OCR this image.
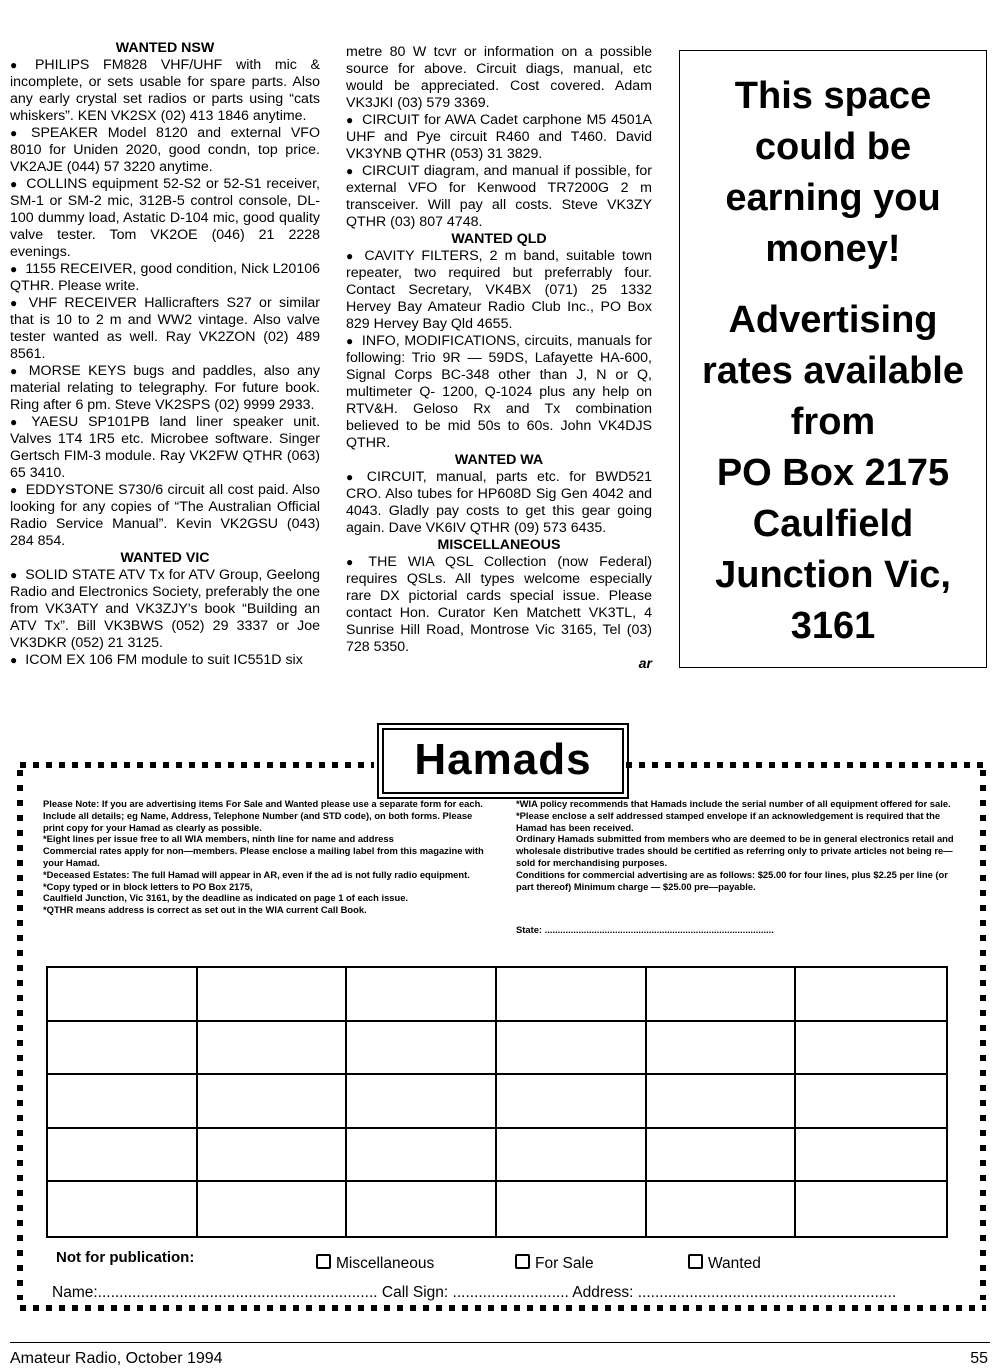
WANTED NSW

● PHILIPS FM828 VHF/UHF with mic & incomplete, or sets usable for spare parts. Also any early crystal set radios or parts using “cats whiskers”. KEN VK2SX (02) 413 1846 anytime.

● SPEAKER Model 8120 and external VFO 8010 for Uniden 2020, good condn, top price. VK2AJE (044) 57 3220 anytime.

● COLLINS equipment 52-S2 or 52-S1 receiver, SM-1 or SM-2 mic, 312B-5 control console, DL-100 dummy load, Astatic D-104 mic, good quality valve tester. Tom VK2OE (046) 21 2228 evenings.

● 1155 RECEIVER, good condition, Nick L20106 QTHR. Please write.

● VHF RECEIVER Hallicrafters S27 or similar that is 10 to 2 m and WW2 vintage. Also valve tester wanted as well. Ray VK2ZON (02) 489 8561.

● MORSE KEYS bugs and paddles, also any material relating to telegraphy. For future book. Ring after 6 pm. Steve VK2SPS (02) 9999 2933.

● YAESU SP101PB land liner speaker unit. Valves 1T4 1R5 etc. Microbee software. Singer Gertsch FIM-3 module. Ray VK2FW QTHR (063) 65 3410.

● EDDYSTONE S730/6 circuit all cost paid. Also looking for any copies of “The Australian Official Radio Service Manual”. Kevin VK2GSU (043) 284 854.

WANTED VIC

● SOLID STATE ATV Tx for ATV Group, Geelong Radio and Electronics Society, preferably the one from VK3ATY and VK3ZJY's book “Building an ATV Tx”. Bill VK3BWS (052) 29 3337 or Joe VK3DKR (052) 21 3125.

● ICOM EX 106 FM module to suit IC551D six

metre 80 W tcvr or information on a possible source for above. Circuit diags, manual, etc would be appreciated. Cost covered. Adam VK3JKI (03) 579 3369.

● CIRCUIT for AWA Cadet carphone M5 4501A UHF and Pye circuit R460 and T460. David VK3YNB QTHR (053) 31 3829.

● CIRCUIT diagram, and manual if possible, for external VFO for Kenwood TR7200G 2 m transceiver. Will pay all costs. Steve VK3ZY QTHR (03) 807 4748.

WANTED QLD

● CAVITY FILTERS, 2 m band, suitable town repeater, two required but preferrably four. Contact Secretary, VK4BX (071) 25 1332 Hervey Bay Amateur Radio Club Inc., PO Box 829 Hervey Bay Qld 4655.

● INFO, MODIFICATIONS, circuits, manuals for following: Trio 9R — 59DS, Lafayette HA-600, Signal Corps BC-348 other than J, N or Q, multimeter Q- 1200, Q-1024 plus any help on RTV&H. Geloso Rx and Tx combination believed to be mid 50s to 60s. John VK4DJS QTHR.

WANTED WA

● CIRCUIT, manual, parts etc. for BWD521 CRO. Also tubes for HP608D Sig Gen 4042 and 4043. Gladly pay costs to get this gear going again. Dave VK6IV QTHR (09) 573 6435.

MISCELLANEOUS

● THE WIA QSL Collection (now Federal) requires QSLs. All types welcome especially rare DX pictorial cards special issue. Please contact Hon. Curator Ken Matchett VK3TL, 4 Sunrise Hill Road, Montrose Vic 3165, Tel (03) 728 5350.

ar

This space
could be
earning you
money!
Advertising
rates available
from
PO Box 2175
Caulfield
Junction Vic,
3161
Hamads

Please Note: If you are advertising items For Sale and Wanted please use a separate form for each. Include all details; eg Name, Address, Telephone Number (and STD code), on both forms. Please print copy for your Hamad as clearly as possible.

*Eight lines per issue free to all WIA members, ninth line for name and address

Commercial rates apply for non—members. Please enclose a mailing label from this magazine with your Hamad.

*Deceased Estates: The full Hamad will appear in AR, even if the ad is not fully radio equipment.

*Copy typed or in block letters to PO Box 2175,

Caulfield Junction, Vic 3161, by the deadline as indicated on page 1 of each issue.

*QTHR means address is correct as set out in the WIA current Call Book.

*WIA policy recommends that Hamads include the serial number of all equipment offered for sale.

*Please enclose a self addressed stamped envelope if an acknowledgement is required that the Hamad has been received.

Ordinary Hamads submitted from members who are deemed to be in general electronics retail and wholesale distributive trades should be certified as referring only to private articles not being re—sold for merchandising purposes.

Conditions for commercial advertising are as follows: $25.00 for four lines, plus $2.25 per line (or part thereof) Minimum charge — $25.00 pre—payable.

State: ........................................................................................

Not for publication:	Miscellaneous	For Sale	Wanted
Name:................................................................. Call Sign: ........................... Address: ............................................................
Amateur Radio, October 1994	55
